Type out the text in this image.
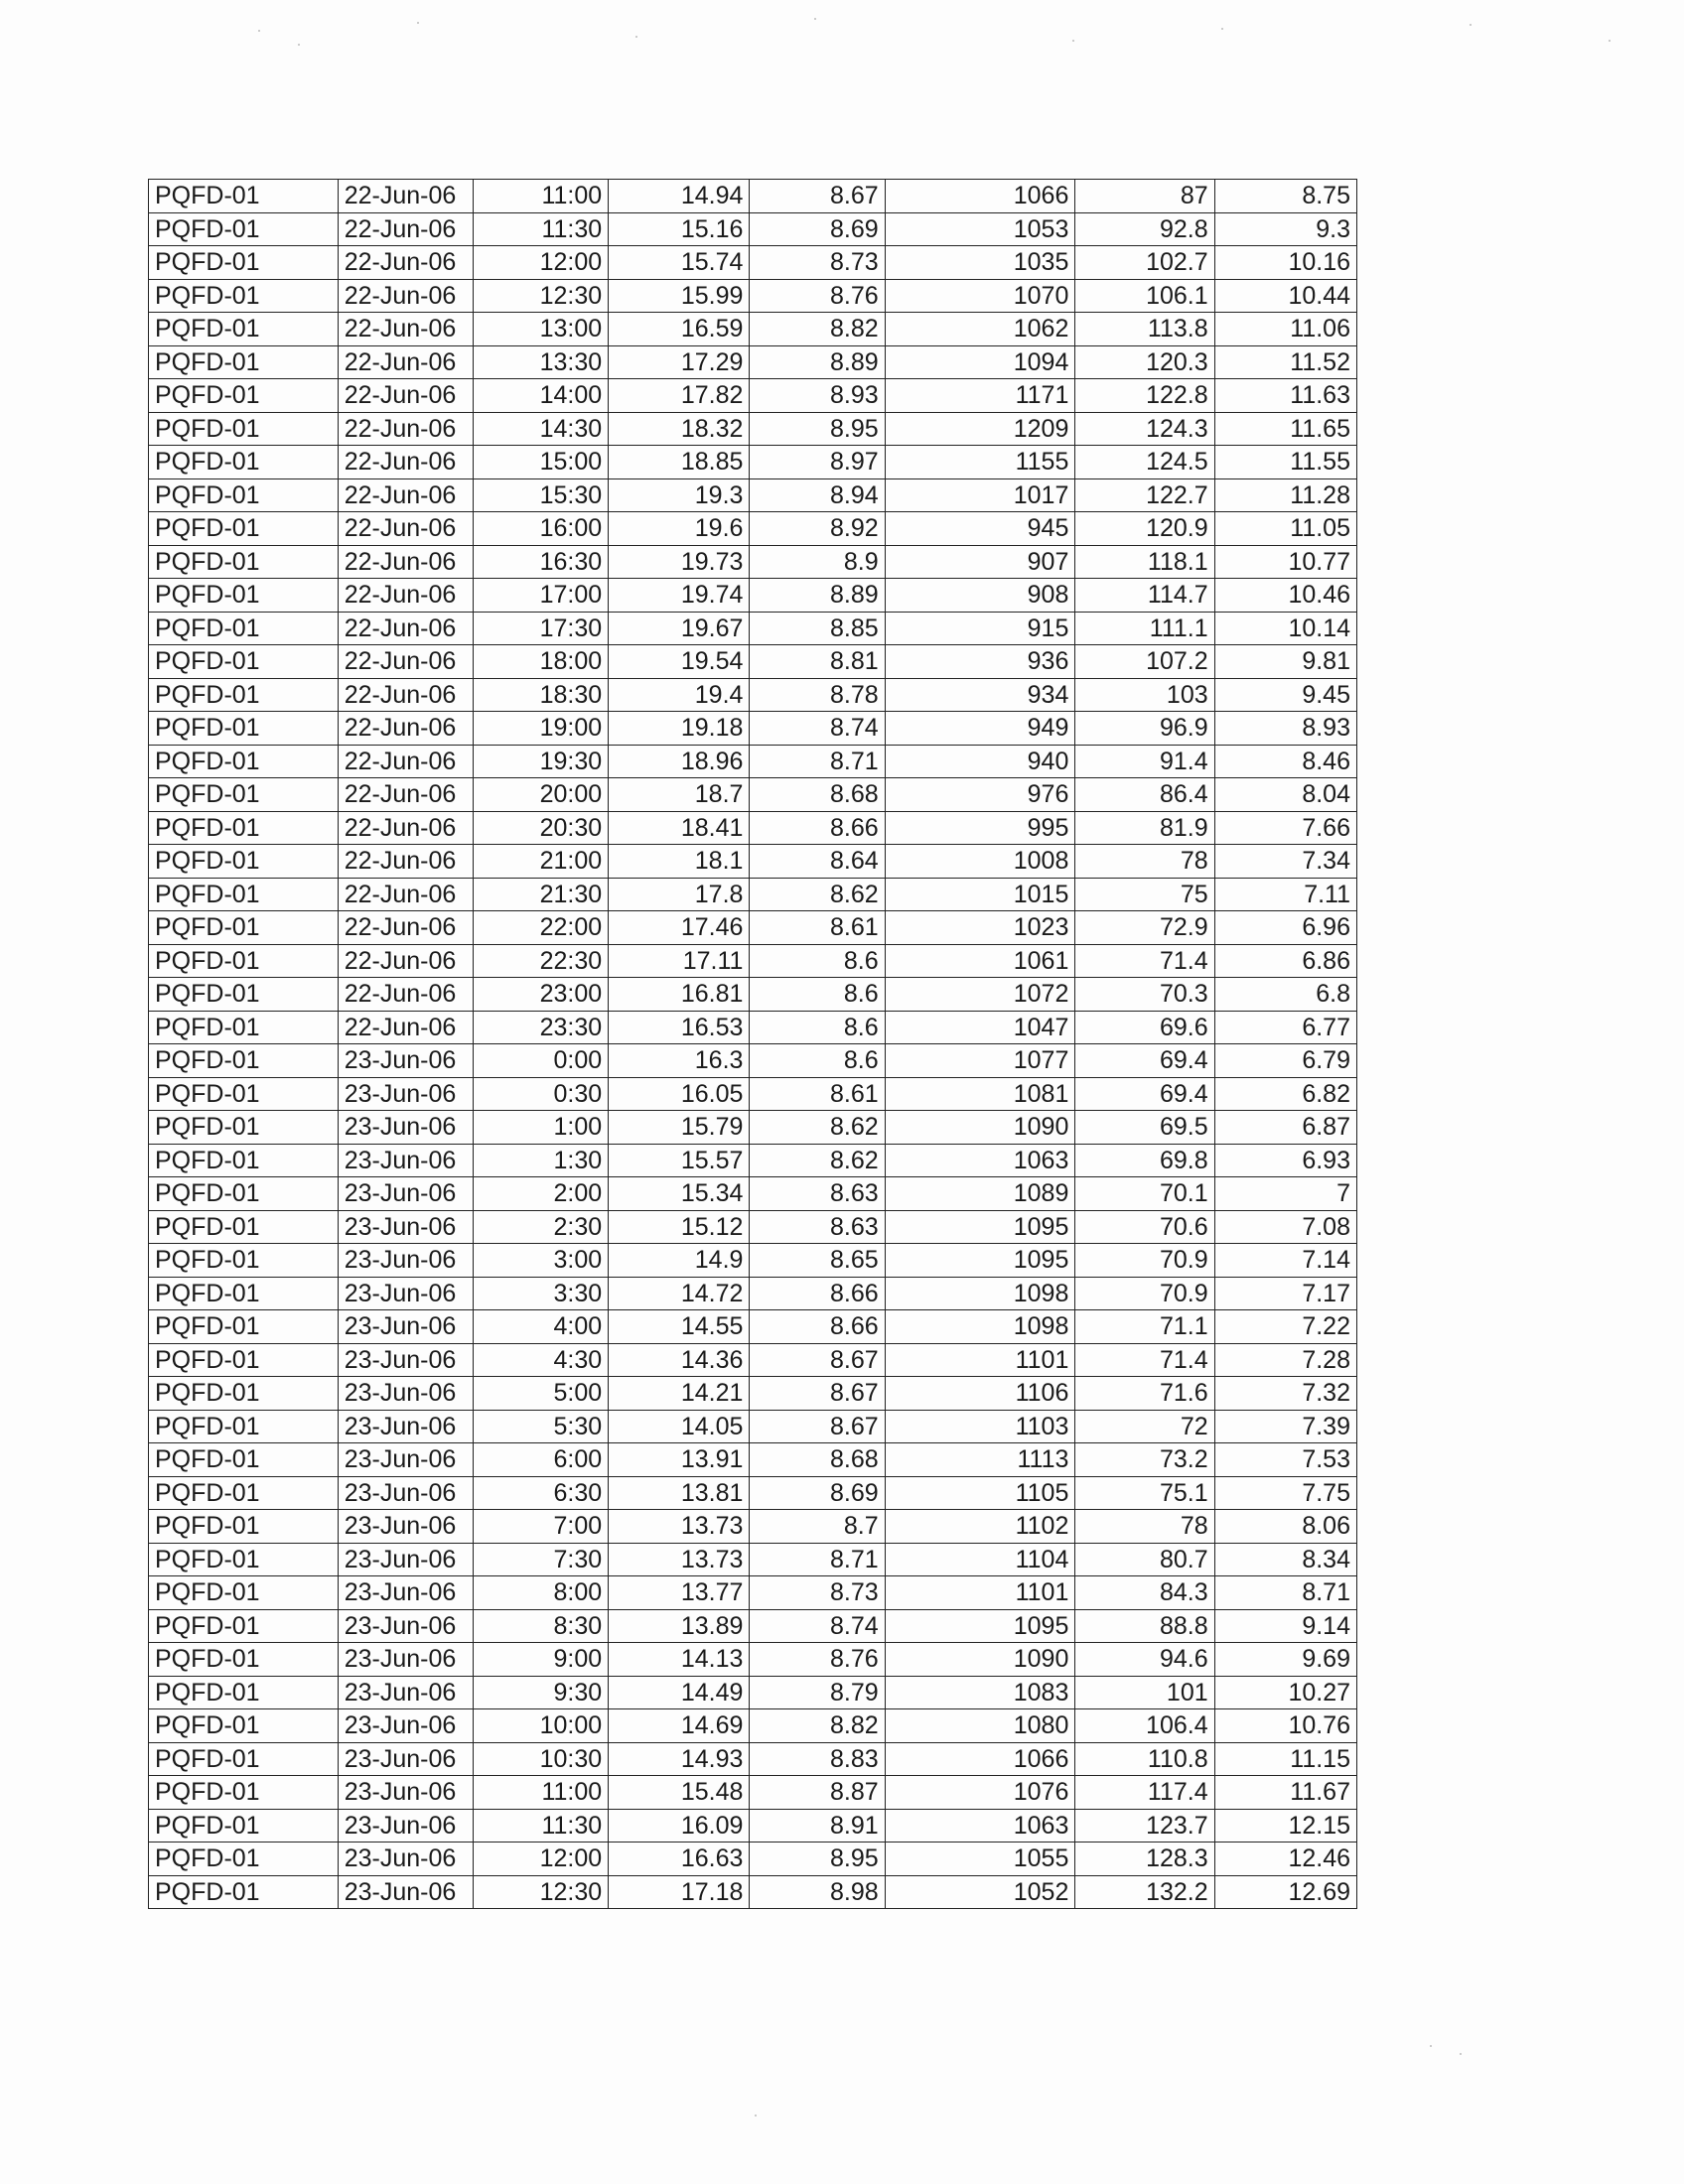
PQFD-01	22-Jun-06	11:00	14.94	8.67	1066	87	8.75
PQFD-01	22-Jun-06	11:30	15.16	8.69	1053	92.8	9.3
PQFD-01	22-Jun-06	12:00	15.74	8.73	1035	102.7	10.16
PQFD-01	22-Jun-06	12:30	15.99	8.76	1070	106.1	10.44
PQFD-01	22-Jun-06	13:00	16.59	8.82	1062	113.8	11.06
PQFD-01	22-Jun-06	13:30	17.29	8.89	1094	120.3	11.52
PQFD-01	22-Jun-06	14:00	17.82	8.93	1171	122.8	11.63
PQFD-01	22-Jun-06	14:30	18.32	8.95	1209	124.3	11.65
PQFD-01	22-Jun-06	15:00	18.85	8.97	1155	124.5	11.55
PQFD-01	22-Jun-06	15:30	19.3	8.94	1017	122.7	11.28
PQFD-01	22-Jun-06	16:00	19.6	8.92	945	120.9	11.05
PQFD-01	22-Jun-06	16:30	19.73	8.9	907	118.1	10.77
PQFD-01	22-Jun-06	17:00	19.74	8.89	908	114.7	10.46
PQFD-01	22-Jun-06	17:30	19.67	8.85	915	111.1	10.14
PQFD-01	22-Jun-06	18:00	19.54	8.81	936	107.2	9.81
PQFD-01	22-Jun-06	18:30	19.4	8.78	934	103	9.45
PQFD-01	22-Jun-06	19:00	19.18	8.74	949	96.9	8.93
PQFD-01	22-Jun-06	19:30	18.96	8.71	940	91.4	8.46
PQFD-01	22-Jun-06	20:00	18.7	8.68	976	86.4	8.04
PQFD-01	22-Jun-06	20:30	18.41	8.66	995	81.9	7.66
PQFD-01	22-Jun-06	21:00	18.1	8.64	1008	78	7.34
PQFD-01	22-Jun-06	21:30	17.8	8.62	1015	75	7.11
PQFD-01	22-Jun-06	22:00	17.46	8.61	1023	72.9	6.96
PQFD-01	22-Jun-06	22:30	17.11	8.6	1061	71.4	6.86
PQFD-01	22-Jun-06	23:00	16.81	8.6	1072	70.3	6.8
PQFD-01	22-Jun-06	23:30	16.53	8.6	1047	69.6	6.77
PQFD-01	23-Jun-06	0:00	16.3	8.6	1077	69.4	6.79
PQFD-01	23-Jun-06	0:30	16.05	8.61	1081	69.4	6.82
PQFD-01	23-Jun-06	1:00	15.79	8.62	1090	69.5	6.87
PQFD-01	23-Jun-06	1:30	15.57	8.62	1063	69.8	6.93
PQFD-01	23-Jun-06	2:00	15.34	8.63	1089	70.1	7
PQFD-01	23-Jun-06	2:30	15.12	8.63	1095	70.6	7.08
PQFD-01	23-Jun-06	3:00	14.9	8.65	1095	70.9	7.14
PQFD-01	23-Jun-06	3:30	14.72	8.66	1098	70.9	7.17
PQFD-01	23-Jun-06	4:00	14.55	8.66	1098	71.1	7.22
PQFD-01	23-Jun-06	4:30	14.36	8.67	1101	71.4	7.28
PQFD-01	23-Jun-06	5:00	14.21	8.67	1106	71.6	7.32
PQFD-01	23-Jun-06	5:30	14.05	8.67	1103	72	7.39
PQFD-01	23-Jun-06	6:00	13.91	8.68	1113	73.2	7.53
PQFD-01	23-Jun-06	6:30	13.81	8.69	1105	75.1	7.75
PQFD-01	23-Jun-06	7:00	13.73	8.7	1102	78	8.06
PQFD-01	23-Jun-06	7:30	13.73	8.71	1104	80.7	8.34
PQFD-01	23-Jun-06	8:00	13.77	8.73	1101	84.3	8.71
PQFD-01	23-Jun-06	8:30	13.89	8.74	1095	88.8	9.14
PQFD-01	23-Jun-06	9:00	14.13	8.76	1090	94.6	9.69
PQFD-01	23-Jun-06	9:30	14.49	8.79	1083	101	10.27
PQFD-01	23-Jun-06	10:00	14.69	8.82	1080	106.4	10.76
PQFD-01	23-Jun-06	10:30	14.93	8.83	1066	110.8	11.15
PQFD-01	23-Jun-06	11:00	15.48	8.87	1076	117.4	11.67
PQFD-01	23-Jun-06	11:30	16.09	8.91	1063	123.7	12.15
PQFD-01	23-Jun-06	12:00	16.63	8.95	1055	128.3	12.46
PQFD-01	23-Jun-06	12:30	17.18	8.98	1052	132.2	12.69
